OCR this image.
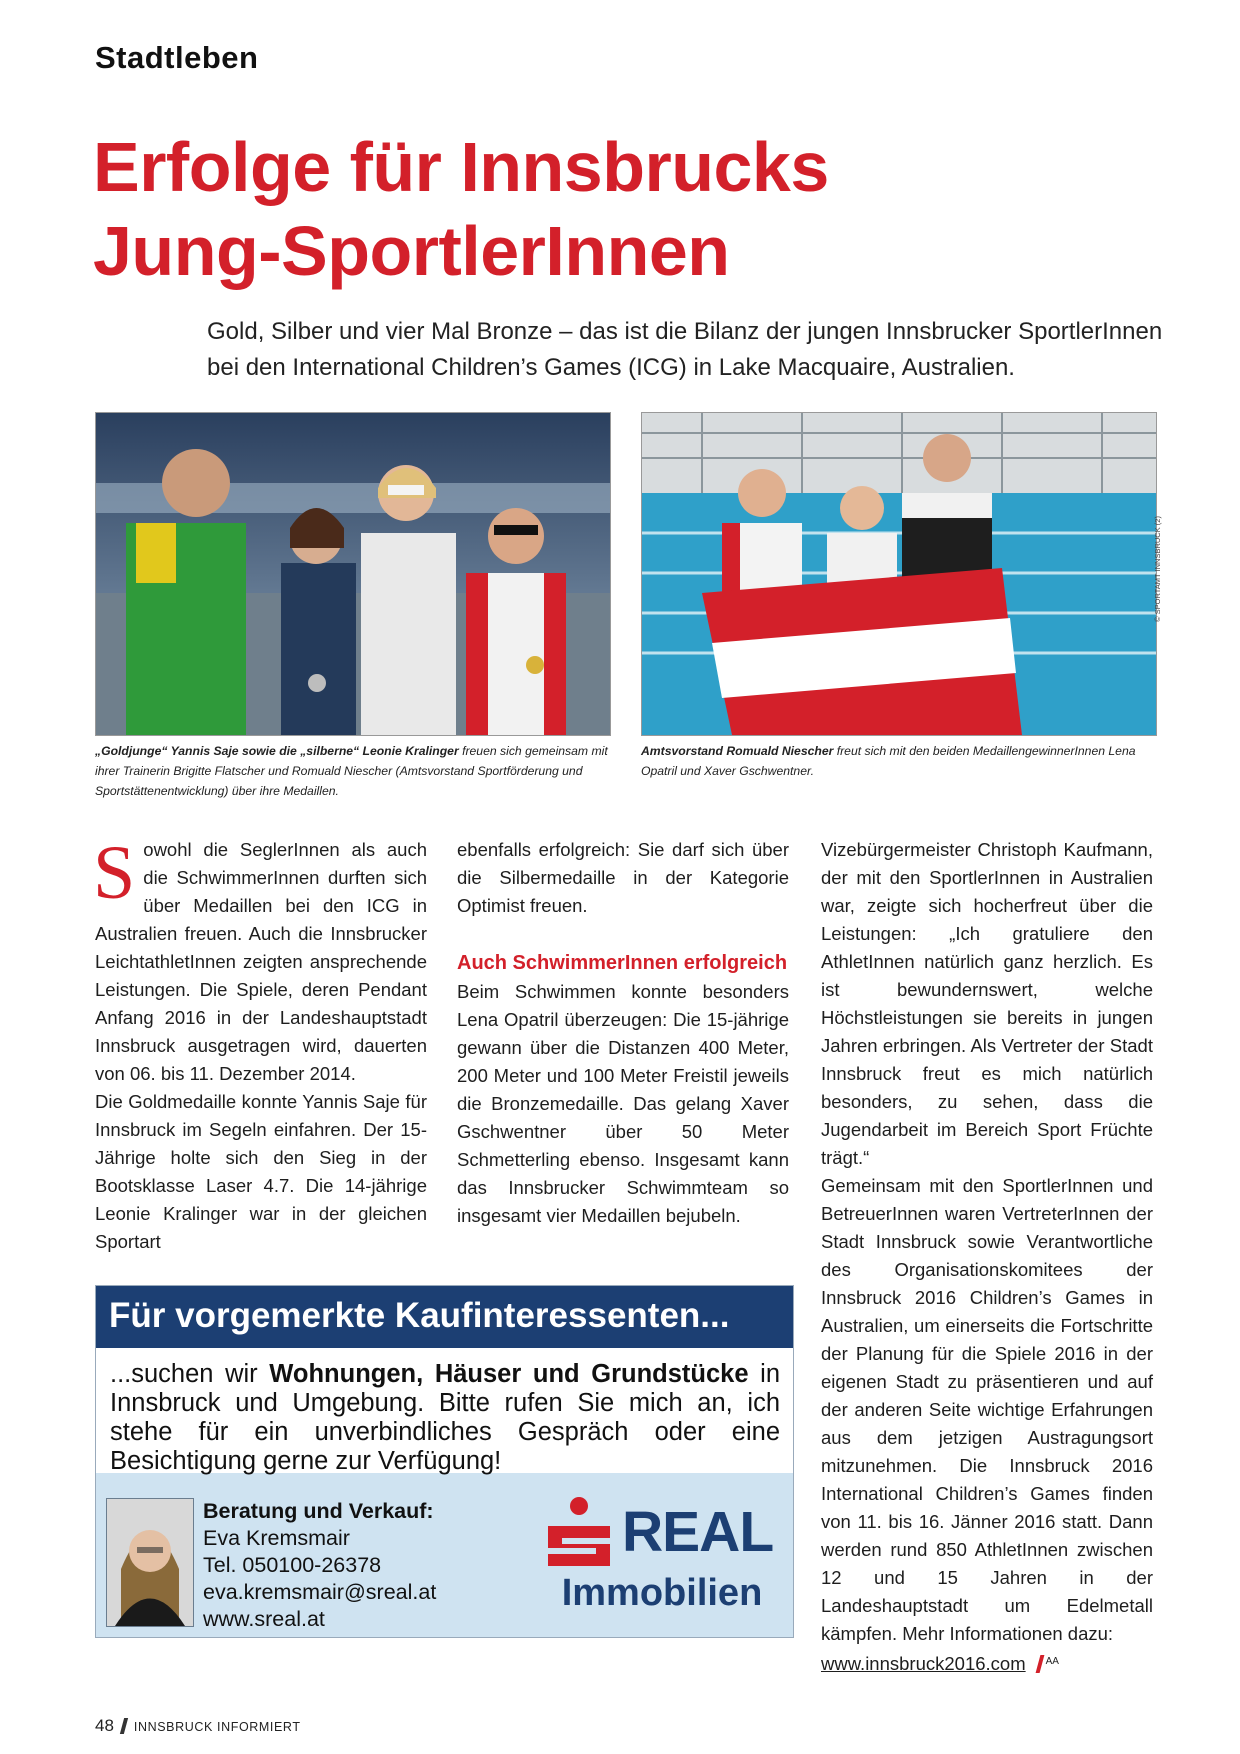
Stadtleben
Erfolge für Innsbrucks
Jung-SportlerInnen
Gold, Silber und vier Mal Bronze – das ist die Bilanz der jungen Innsbrucker SportlerInnen bei den International Children’s Games (ICG) in Lake Macquaire, Australien.
© SPORTAMT INNSBRUCK (2)
„Goldjunge“ Yannis Saje sowie die „silberne“ Leonie Kralinger freuen sich gemeinsam mit ihrer Trainerin Brigitte Flatscher und Romuald Niescher (Amtsvorstand Sportförderung und Sportstättenentwicklung) über ihre Medaillen.
Amtsvorstand Romuald Niescher freut sich mit den beiden MedaillengewinnerInnen Lena Opatril und Xaver Gschwentner.

Sowohl die SeglerInnen als auch die SchwimmerInnen durften sich über Medaillen bei den ICG in Australien freuen. Auch die Innsbrucker LeichtathletInnen zeigten ansprechende Leistungen. Die Spiele, deren Pendant Anfang 2016 in der Landeshauptstadt Innsbruck ausgetragen wird, dauerten von 06. bis 11. Dezember 2014.

Die Goldmedaille konnte Yannis Saje für Innsbruck im Segeln einfahren. Der 15-Jährige holte sich den Sieg in der Bootsklasse Laser 4.7. Die 14-jährige Leonie Kralinger war in der gleichen Sportart

ebenfalls erfolgreich: Sie darf sich über die Silbermedaille in der Kategorie Optimist freuen.

Auch SchwimmerInnen erfolgreich

Beim Schwimmen konnte besonders Lena Opatril überzeugen: Die 15-jährige gewann über die Distanzen 400 Meter, 200 Meter und 100 Meter Freistil jeweils die Bronzemedaille. Das gelang Xaver Gschwentner über 50 Meter Schmetterling ebenso. Insgesamt kann das Innsbrucker Schwimmteam so insgesamt vier Medaillen bejubeln.

Vizebürgermeister Christoph Kaufmann, der mit den SportlerInnen in Australien war, zeigte sich hocherfreut über die Leistungen: „Ich gratuliere den AthletInnen natürlich ganz herzlich. Es ist bewundernswert, welche Höchstleistungen sie bereits in jungen Jahren erbringen. Als Vertreter der Stadt Innsbruck freut es mich natürlich besonders, zu sehen, dass die Jugendarbeit im Bereich Sport Früchte trägt.“

Gemeinsam mit den SportlerInnen und BetreuerInnen waren VertreterInnen der Stadt Innsbruck sowie Verantwortliche des Organisationskomitees der Innsbruck 2016 Children’s Games in Australien, um einerseits die Fortschritte der Planung für die Spiele 2016 in der eigenen Stadt zu präsentieren und auf der anderen Seite wichtige Erfahrungen aus dem jetzigen Austragungsort mitzunehmen. Die Innsbruck 2016 International Children’s Games finden von 11. bis 16. Jänner 2016 statt. Dann werden rund 850 AthletInnen zwischen 12 und 15 Jahren in der Landeshauptstadt um Edelmetall kämpfen. Mehr Informationen dazu:

www.innsbruck2016.com $^{AA}$

Für vorgemerkte Kaufinteressenten...
...suchen wir Wohnungen, Häuser und Grundstücke in Innsbruck und Umgebung. Bitte rufen Sie mich an, ich stehe für ein unverbindliches Gespräch oder eine Besichtigung gerne zur Verfügung!
Beratung und Verkauf:
Eva Kremsmair
Tel. 050100-26378
eva.kremsmair@sreal.at
www.sreal.at
REAL
Immobilien
48 INNSBRUCK INFORMIERT
